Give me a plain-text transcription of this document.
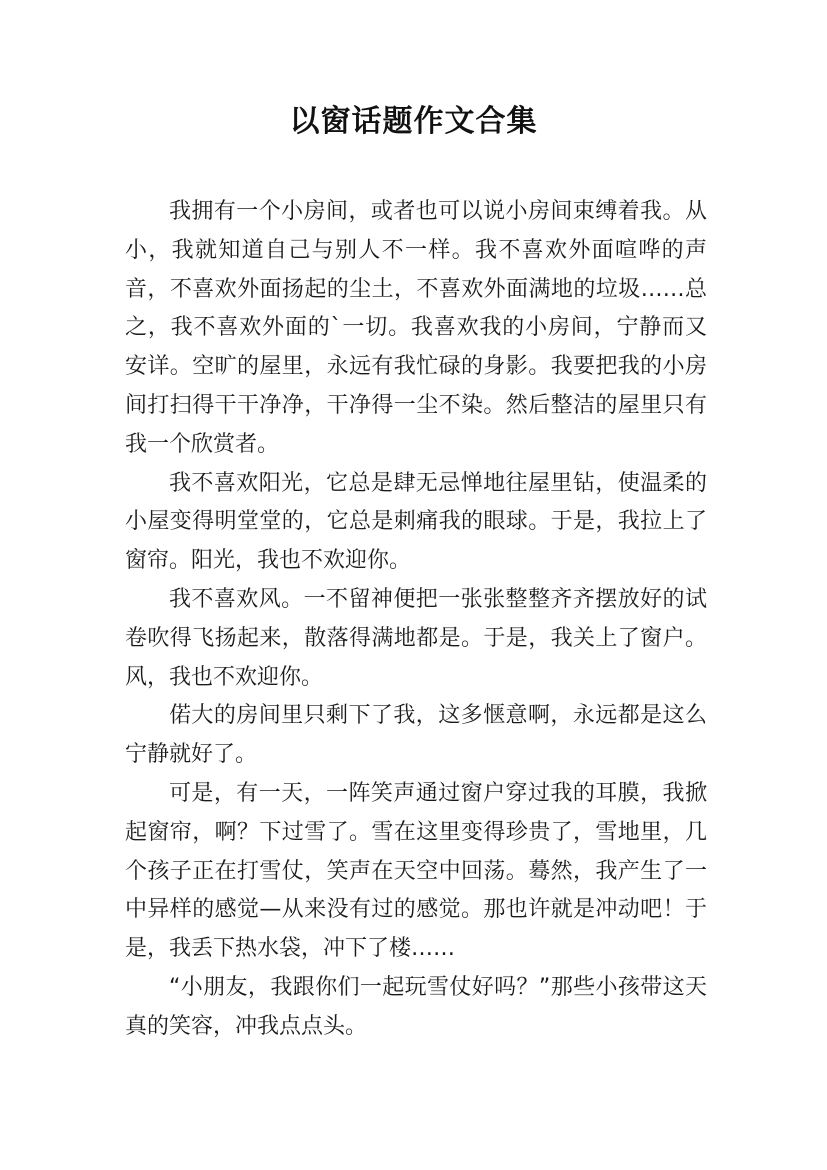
以窗话题作文合集

我拥有一个小房间，或者也可以说小房间束缚着我。从小，我就知道自己与别人不一样。我不喜欢外面喧哗的声音，不喜欢外面扬起的尘土，不喜欢外面满地的垃圾……总之，我不喜欢外面的`一切。我喜欢我的小房间，宁静而又安详。空旷的屋里，永远有我忙碌的身影。我要把我的小房间打扫得干干净净，干净得一尘不染。然后整洁的屋里只有我一个欣赏者。

我不喜欢阳光，它总是肆无忌惮地往屋里钻，使温柔的小屋变得明堂堂的，它总是刺痛我的眼球。于是，我拉上了窗帘。阳光，我也不欢迎你。

我不喜欢风。一不留神便把一张张整整齐齐摆放好的试卷吹得飞扬起来，散落得满地都是。于是，我关上了窗户。风，我也不欢迎你。

偌大的房间里只剩下了我，这多惬意啊，永远都是这么宁静就好了。

可是，有一天，一阵笑声通过窗户穿过我的耳膜，我掀起窗帘，啊？下过雪了。雪在这里变得珍贵了，雪地里，几个孩子正在打雪仗，笑声在天空中回荡。蓦然，我产生了一中异样的感觉—从来没有过的感觉。那也许就是冲动吧！于是，我丢下热水袋，冲下了楼……

“小朋友，我跟你们一起玩雪仗好吗？”那些小孩带这天真的笑容，冲我点点头。
